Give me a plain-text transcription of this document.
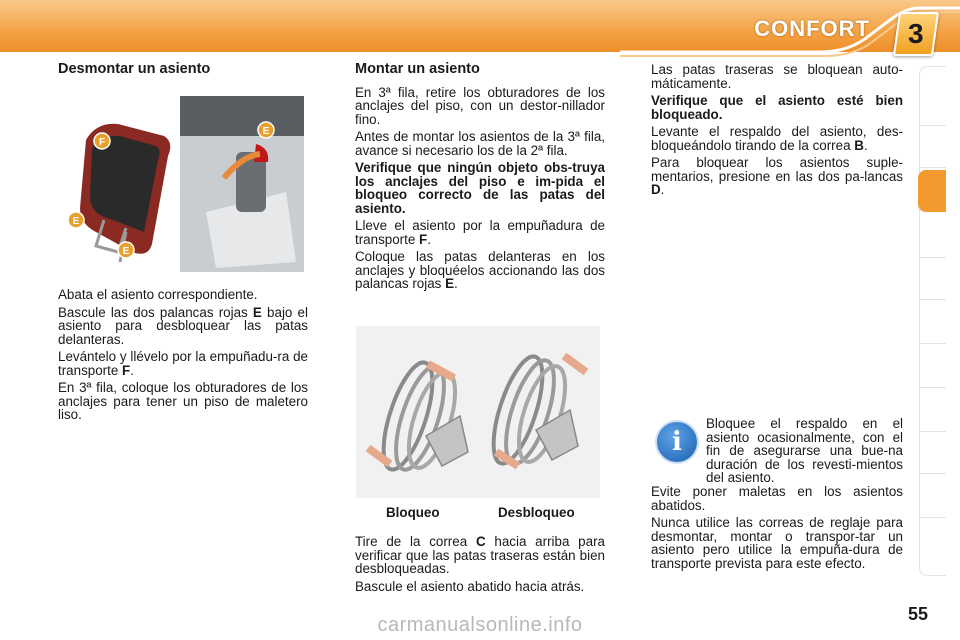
CONFORT 3
Desmontar un asiento
F
E
E
E

Abata el asiento correspondiente.

Bascule las dos palancas rojas E bajo el asiento para desbloquear las patas delanteras.

Levántelo y llévelo por la empuñadu-ra de transporte F.

En 3ª fila, coloque los obturadores de los anclajes para tener un piso de maletero liso.

Montar un asiento

En 3ª fila, retire los obturadores de los anclajes del piso, con un destor-nillador fino.

Antes de montar los asientos de la 3ª fila, avance si necesario los de la 2ª fila.

Verifique que ningún objeto obs-truya los anclajes del piso e im-pida el bloqueo correcto de las patas del asiento.

Lleve el asiento por la empuñadura de transporte F.

Coloque las patas delanteras en los anclajes y bloquéelos accionando las dos palancas rojas E.

Bloqueo	Desbloqueo

Tire de la correa C hacia arriba para verificar que las patas traseras están bien desbloqueadas.

Bascule el asiento abatido hacia atrás.

Las patas traseras se bloquean auto-máticamente.

Verifique que el asiento esté bien bloqueado.

Levante el respaldo del asiento, des-bloqueándolo tirando de la correa B.

Para bloquear los asientos suple-mentarios, presione en las dos pa-lancas D.

i

Bloquee el respaldo en el asiento ocasionalmente, con el fin de asegurarse una bue-na duración de los revesti-mientos del asiento.

Evite poner maletas en los asientos abatidos.

Nunca utilice las correas de reglaje para desmontar, montar o transpor-tar un asiento pero utilice la empuña-dura de transporte prevista para este efecto.

55
carmanualsonline.info
